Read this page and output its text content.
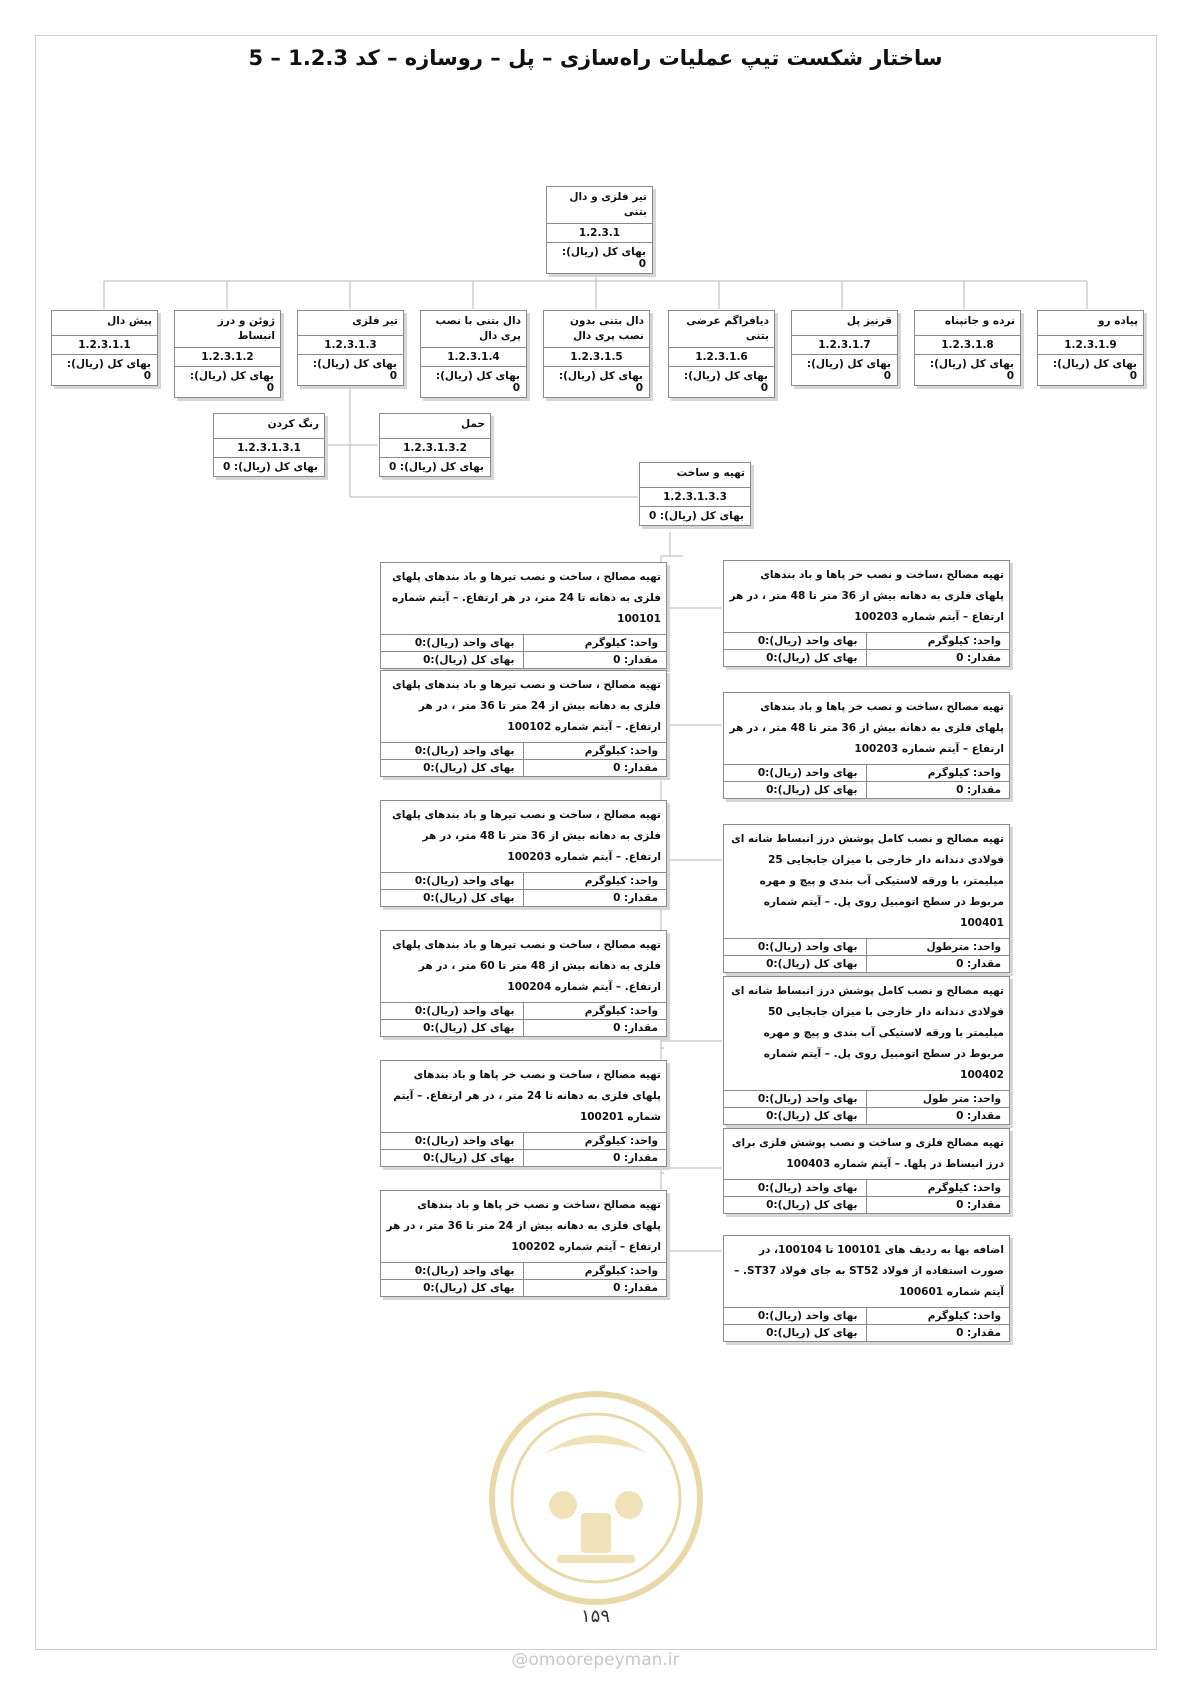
ساختار شکست تیپ عملیات راه‌سازی – پل – روسازه – کد 1.2.3 – 5
تیر فلزی و دال بتنی
1.2.3.1
بهای کل (ریال): 0
پیاده رو
1.2.3.1.9
بهای کل (ریال): 0
نرده و جانپناه
1.2.3.1.8
بهای کل (ریال): 0
قرنیز پل
1.2.3.1.7
بهای کل (ریال): 0
دیافراگم عرضی بتنی
1.2.3.1.6
بهای کل (ریال): 0
دال بتنی بدون نصب پری دال
1.2.3.1.5
بهای کل (ریال): 0
دال بتنی با نصب پری دال
1.2.3.1.4
بهای کل (ریال): 0
تیر فلزی
1.2.3.1.3
بهای کل (ریال): 0
ژوئن و درز انبساط
1.2.3.1.2
بهای کل (ریال): 0
پیش دال
1.2.3.1.1
بهای کل (ریال): 0
رنگ کردن
1.2.3.1.3.1
بهای کل (ریال): 0
حمل
1.2.3.1.3.2
بهای کل (ریال): 0	تهیه و ساخت
1.2.3.1.3.3
بهای کل (ریال): 0
تهیه مصالح ، ساخت و نصب تیرها و باد بندهای پلهای فلزی به دهانه تا 24 متر، در هر ارتفاع. – آیتم شماره 100101
واحد: کیلوگرم
بهای واحد (ریال):0
مقدار: 0
بهای کل (ریال):0
تهیه مصالح ، ساخت و نصب تیرها و باد بندهای پلهای فلزی به دهانه بیش از 24 متر تا 36 متر ، در هر ارتفاع. – آیتم شماره 100102
واحد: کیلوگرم
بهای واحد (ریال):0
مقدار: 0
بهای کل (ریال):0
تهیه مصالح ، ساخت و نصب تیرها و باد بندهای پلهای فلزی به دهانه بیش از 36 متر تا 48 متر، در هر ارتفاع. – آیتم شماره 100203
واحد: کیلوگرم
بهای واحد (ریال):0
مقدار: 0
بهای کل (ریال):0
تهیه مصالح ، ساخت و نصب تیرها و باد بندهای پلهای فلزی به دهانه بیش از 48 متر تا 60 متر ، در هر ارتفاع. – آیتم شماره 100204
واحد: کیلوگرم
بهای واحد (ریال):0
مقدار: 0
بهای کل (ریال):0
تهیه مصالح ، ساخت و نصب خر پاها و باد بندهای پلهای فلزی به دهانه تا 24 متر ، در هر ارتفاع. – آیتم شماره 100201
واحد: کیلوگرم
بهای واحد (ریال):0
مقدار: 0
بهای کل (ریال):0
تهیه مصالح ،ساخت و نصب خر پاها و باد بندهای پلهای فلزی به دهانه بیش از 24 متر تا 36 متر ، در هر ارتفاع – آیتم شماره 100202
واحد: کیلوگرم
بهای واحد (ریال):0
مقدار: 0
بهای کل (ریال):0
تهیه مصالح ،ساخت و نصب خر پاها و باد بندهای پلهای فلزی به دهانه بیش از 36 متر تا 48 متر ، در هر ارتفاع – آیتم شماره 100203
واحد: کیلوگرم
بهای واحد (ریال):0
مقدار: 0
بهای کل (ریال):0
تهیه مصالح ،ساخت و نصب خر پاها و باد بندهای پلهای فلزی به دهانه بیش از 36 متر تا 48 متر ، در هر ارتفاع – آیتم شماره 100203
واحد: کیلوگرم
بهای واحد (ریال):0
مقدار: 0
بهای کل (ریال):0
تهیه مصالح و نصب کامل پوشش درز انبساط شانه ای فولادی دندانه دار خارجی با میزان جابجایی 25 میلیمتر، با ورقه لاستیکی آب بندی و پیچ و مهره مربوط در سطح اتومبیل روی پل. – آیتم شماره 100401
واحد: مترطول
بهای واحد (ریال):0
مقدار: 0
بهای کل (ریال):0
تهیه مصالح و نصب کامل پوشش درز انبساط شانه ای فولادی دندانه دار خارجی با میزان جابجایی 50 میلیمتر با ورقه لاستیکی آب بندی و پیچ و مهره مربوط در سطح اتومبیل روی پل. – آیتم شماره 100402
واحد: متر طول
بهای واحد (ریال):0
مقدار: 0
بهای کل (ریال):0
تهیه مصالح فلزی و ساخت و نصب پوشش فلزی برای درز انبساط در پلها. – آیتم شماره 100403
واحد: کیلوگرم
بهای واحد (ریال):0
مقدار: 0
بهای کل (ریال):0
اضافه بها به ردیف های 100101 تا 100104، در صورت استفاده از فولاد ST52 به جای فولاد ST37. – آیتم شماره 100601
واحد: کیلوگرم
بهای واحد (ریال):0
مقدار: 0
بهای کل (ریال):0
۱۵۹
@omoorepeyman.ir
